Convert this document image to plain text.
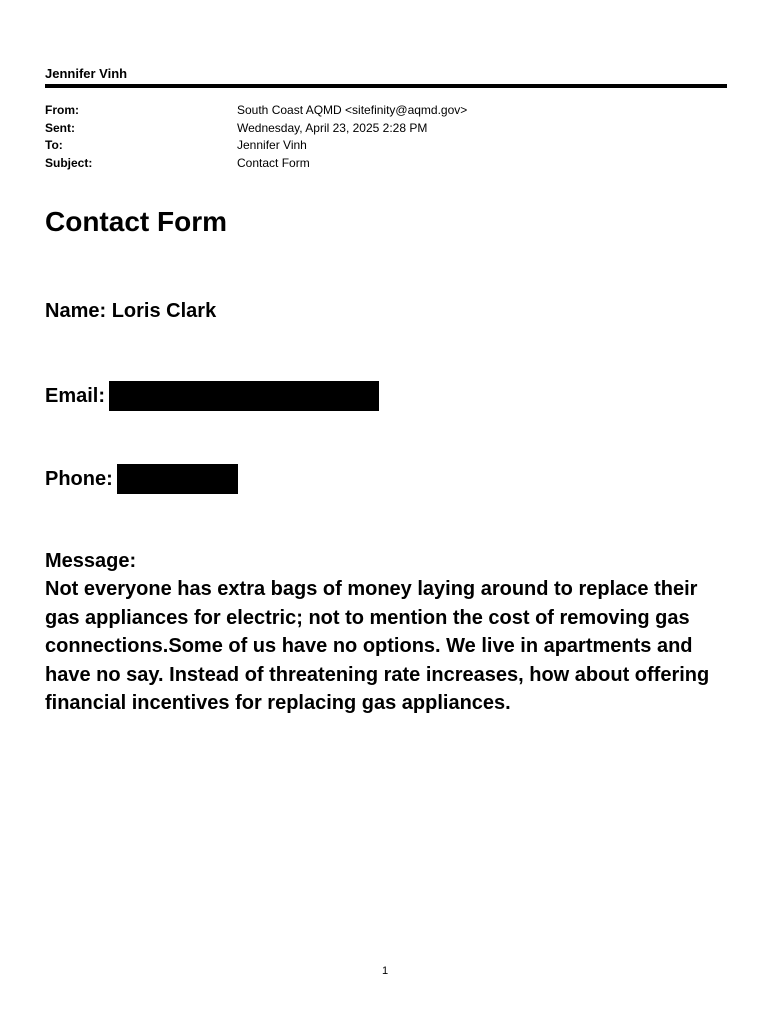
Jennifer Vinh
From:	South Coast AQMD <sitefinity@aqmd.gov>
Sent:	Wednesday, April 23, 2025 2:28 PM
To:	Jennifer Vinh
Subject:	Contact Form
Contact Form
Name:
Loris Clark
Email:
Phone:
Message:
Not everyone has extra bags of money laying around to replace their gas appliances for electric; not to mention the cost of removing gas connections.Some of us have no options. We live in apartments and have no say. Instead of threatening rate increases, how about offering financial incentives for replacing gas appliances.
1
